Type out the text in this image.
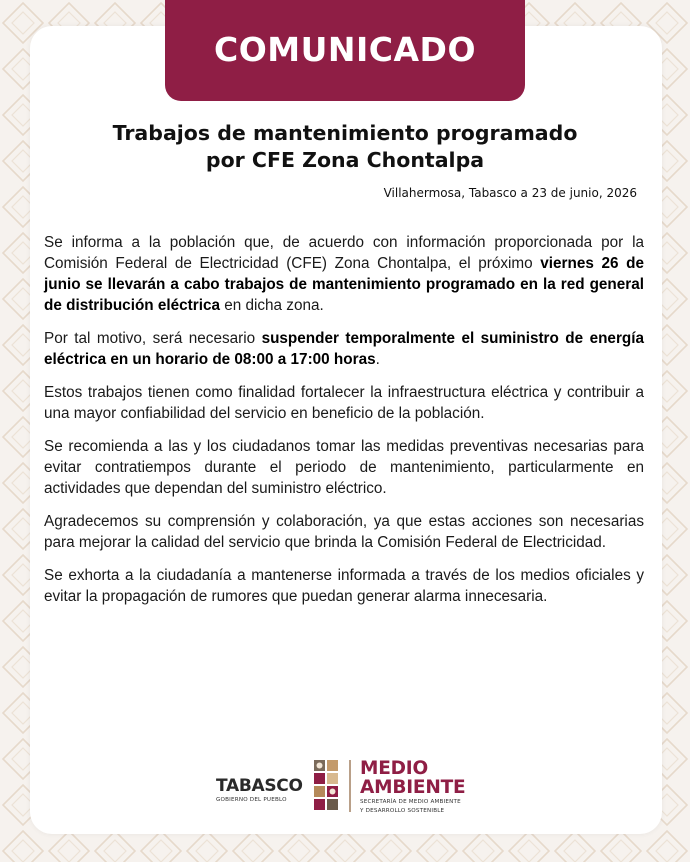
COMUNICADO
Trabajos de mantenimiento programado
por CFE Zona Chontalpa
Villahermosa, Tabasco a 23 de junio, 2026

Se informa a la población que, de acuerdo con información proporcionada por la Comisión Federal de Electricidad (CFE) Zona Chontalpa, el próximo viernes 26 de junio se llevarán a cabo trabajos de mantenimiento programado en la red general de distribución eléctrica en dicha zona.

Por tal motivo, será necesario suspender temporalmente el suministro de energía eléctrica en un horario de 08:00 a 17:00 horas.

Estos trabajos tienen como finalidad fortalecer la infraestructura eléctrica y contribuir a una mayor confiabilidad del servicio en beneficio de la población.

Se recomienda a las y los ciudadanos tomar las medidas preventivas necesarias para evitar contratiempos durante el periodo de mantenimiento, particularmente en actividades que dependan del suministro eléctrico.

Agradecemos su comprensión y colaboración, ya que estas acciones son necesarias para mejorar la calidad del servicio que brinda la Comisión Federal de Electricidad.

Se exhorta a la ciudadanía a mantenerse informada a través de los medios oficiales y evitar la propagación de rumores que puedan generar alarma innecesaria.

TABASCO
GOBIERNO DEL PUEBLO
MEDIO
AMBIENTE
SECRETARÍA DE MEDIO AMBIENTE
Y DESARROLLO SOSTENIBLE
